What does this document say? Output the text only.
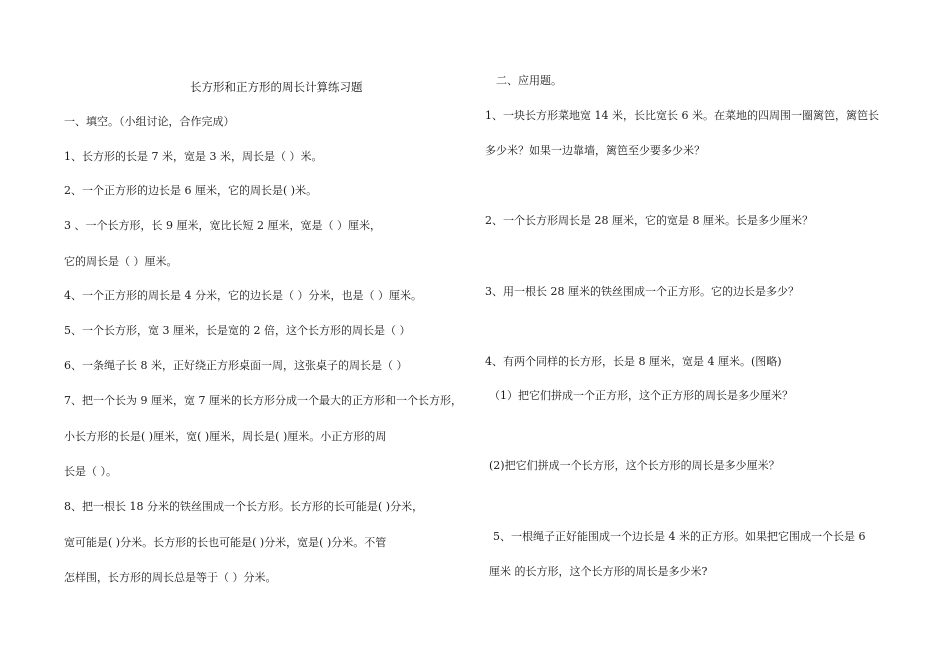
长方形和正方形的周长计算练习题
一、填空。（小组讨论，合作完成）
1、长方形的长是 7 米，宽是 3 米，周长是（ ）米。
2、一个正方形的边长是 6 厘米，它的周长是( )米。
3 、一个长方形，长 9 厘米，宽比长短 2 厘米，宽是（ ）厘米，
它的周长是（ ）厘米。
4、一个正方形的周长是 4 分米，它的边长是（ ）分米，也是（ ）厘米。
5、一个长方形，宽 3 厘米，长是宽的 2 倍，这个长方形的周长是（ ）
6、一条绳子长 8 米，正好绕正方形桌面一周，这张桌子的周长是（ ）
7、把一个长为 9 厘米，宽 7 厘米的长方形分成一个最大的正方形和一个长方形，
小长方形的长是( )厘米，宽( )厘米，周长是( )厘米。小正方形的周
长是（ ）。
8、把一根长 18 分米的铁丝围成一个长方形。长方形的长可能是( )分米，
宽可能是( )分米。长方形的长也可能是( )分米，宽是( )分米。不管
怎样围，长方形的周长总是等于（ ）分米。
二、应用题。
1、一块长方形菜地宽 14 米，长比宽长 6 米。在菜地的四周围一圈篱笆，篱笆长
多少米？如果一边靠墙，篱笆至少要多少米？
2、一个长方形周长是 28 厘米，它的宽是 8 厘米。长是多少厘米？
3、用一根长 28 厘米的铁丝围成一个正方形。它的边长是多少？
4、有两个同样的长方形，长是 8 厘米，宽是 4 厘米。(图略)
（1）把它们拼成一个正方形，这个正方形的周长是多少厘米？
(2)把它们拼成一个长方形，这个长方形的周长是多少厘米？
5、一根绳子正好能围成一个边长是 4 米的正方形。如果把它围成一个长是 6
厘米 的长方形，这个长方形的周长是多少米?
